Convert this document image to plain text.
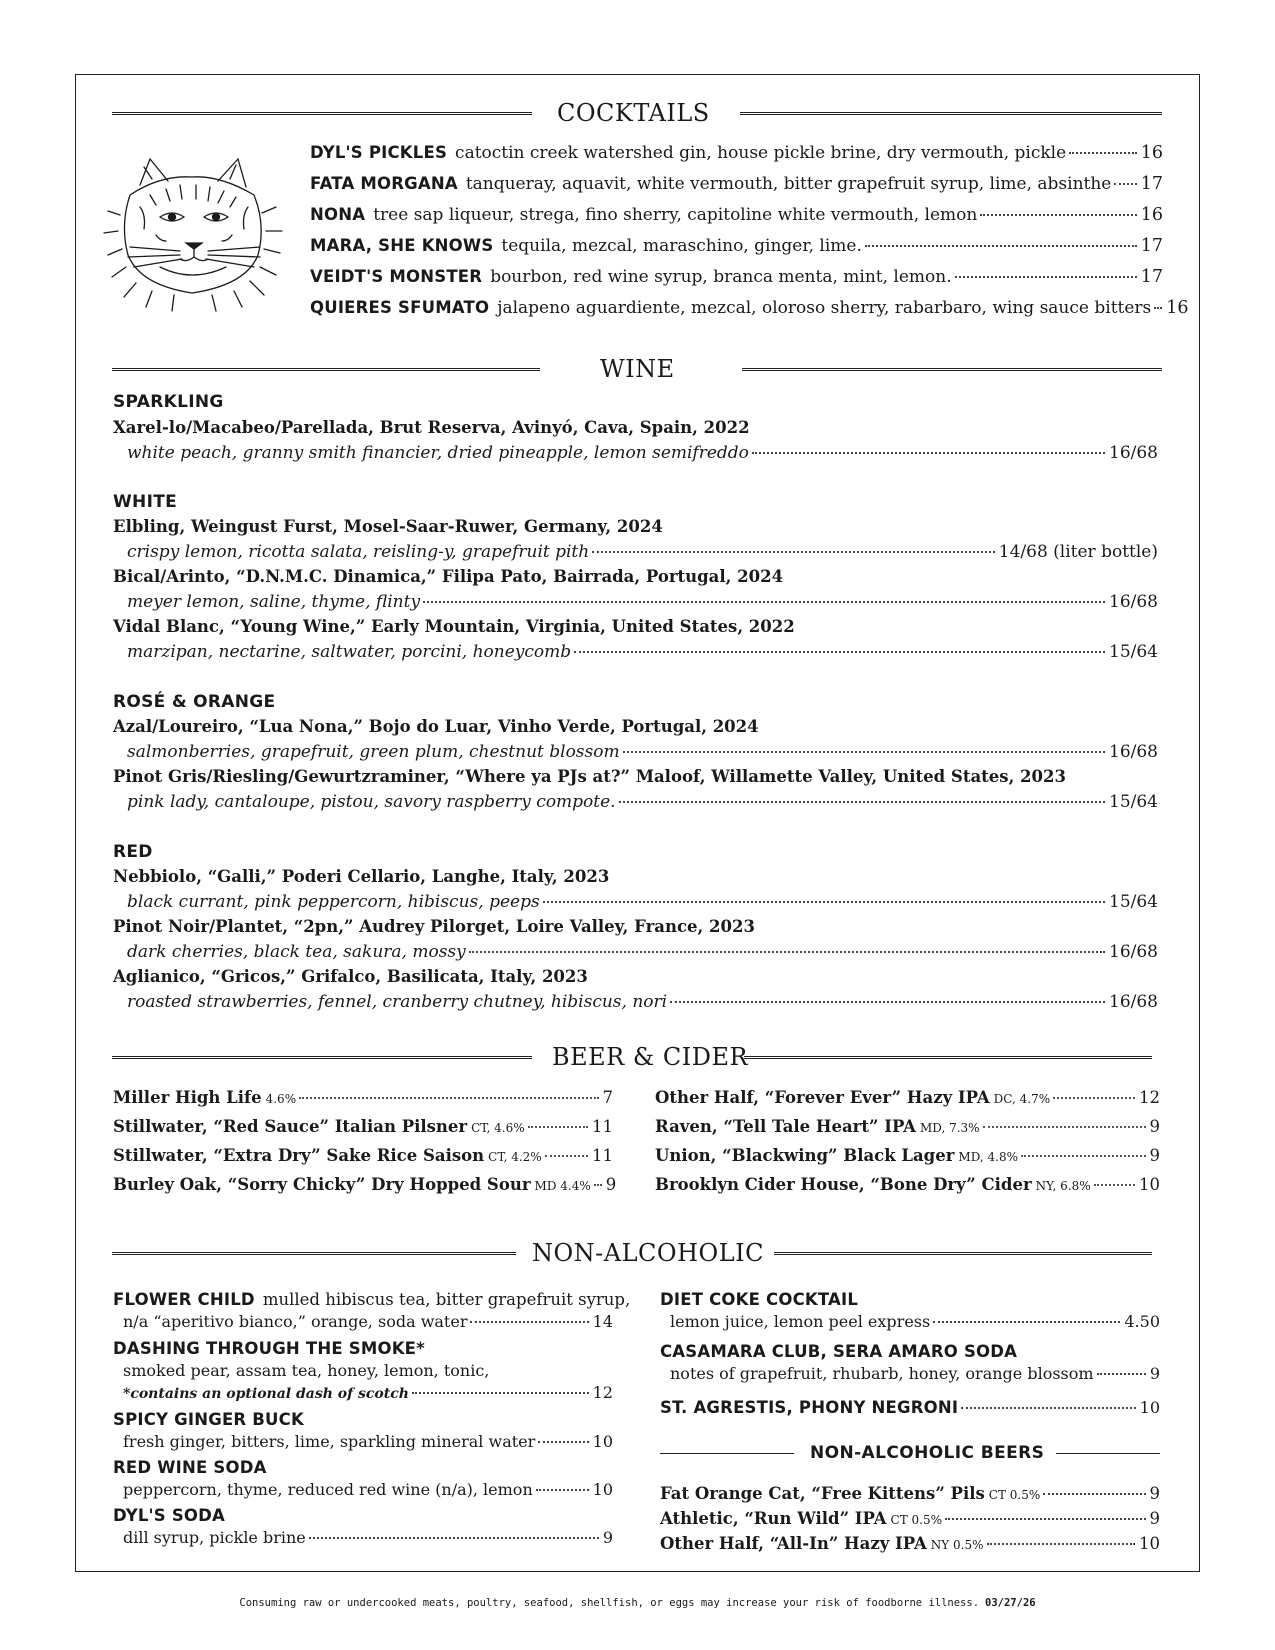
COCKTAILS
DYL'S PICKLES catoctin creek watershed gin, house pickle brine, dry vermouth, pickle	16
FATA MORGANA tanqueray, aquavit, white vermouth, bitter grapefruit syrup, lime, absinthe 17
NONA tree sap liqueur, strega, fino sherry, capitoline white vermouth, lemon	16
MARA, SHE KNOWS tequila, mezcal, maraschino, ginger, lime.	17
VEIDT'S MONSTER bourbon, red wine syrup, branca menta, mint, lemon.	17
QUIERES SFUMATO jalapeno aguardiente, mezcal, oloroso sherry, rabarbaro, wing sauce bitters 16
WINE
SPARKLING
Xarel-lo/Macabeo/Parellada, Brut Reserva, Avinyó, Cava, Spain, 2022
white peach, granny smith financier, dried pineapple, lemon semifreddo	16/68
WHITE
Elbling, Weingust Furst, Mosel-Saar-Ruwer, Germany, 2024
crispy lemon, ricotta salata, reisling-y, grapefruit pith	14/68 (liter bottle)
Bical/Arinto, “D.N.M.C. Dinamica,” Filipa Pato, Bairrada, Portugal, 2024
meyer lemon, saline, thyme, flinty	16/68
Vidal Blanc, “Young Wine,” Early Mountain, Virginia, United States, 2022
marzipan, nectarine, saltwater, porcini, honeycomb	15/64
ROSÉ & ORANGE
Azal/Loureiro, “Lua Nona,” Bojo do Luar, Vinho Verde, Portugal, 2024
salmonberries, grapefruit, green plum, chestnut blossom	16/68
Pinot Gris/Riesling/Gewurtzraminer, “Where ya PJs at?” Maloof, Willamette Valley, United States, 2023
pink lady, cantaloupe, pistou, savory raspberry compote.	15/64
RED
Nebbiolo, “Galli,” Poderi Cellario, Langhe, Italy, 2023
black currant, pink peppercorn, hibiscus, peeps	15/64
Pinot Noir/Plantet, “2pn,” Audrey Pilorget, Loire Valley, France, 2023
dark cherries, black tea, sakura, mossy	16/68
Aglianico, “Gricos,” Grifalco, Basilicata, Italy, 2023
roasted strawberries, fennel, cranberry chutney, hibiscus, nori	16/68
BEER & CIDER
Miller High Life 4.6%	7
Stillwater, “Red Sauce” Italian Pilsner CT, 4.6%	11
Stillwater, “Extra Dry” Sake Rice Saison CT, 4.2%	11
Burley Oak, “Sorry Chicky” Dry Hopped Sour MD 4.4% 9
Other Half, “Forever Ever” Hazy IPA DC, 4.7%	12
Raven, “Tell Tale Heart” IPA MD, 7.3%	9
Union, “Blackwing” Black Lager MD, 4.8%	9
Brooklyn Cider House, “Bone Dry” Cider NY, 6.8%	10
NON-ALCOHOLIC
FLOWER CHILD mulled hibiscus tea, bitter grapefruit syrup,
n/a “aperitivo bianco,” orange, soda water	14
DASHING THROUGH THE SMOKE*
smoked pear, assam tea, honey, lemon, tonic,
*contains an optional dash of scotch	12
SPICY GINGER BUCK
fresh ginger, bitters, lime, sparkling mineral water	10
RED WINE SODA
peppercorn, thyme, reduced red wine (n/a), lemon	10
DYL'S SODA
dill syrup, pickle brine	9
DIET COKE COCKTAIL
lemon juice, lemon peel express	4.50
CASAMARA CLUB, SERA AMARO SODA
notes of grapefruit, rhubarb, honey, orange blossom	9
ST. AGRESTIS, PHONY NEGRONI	10
NON-ALCOHOLIC BEERS
Fat Orange Cat, “Free Kittens” Pils CT 0.5%	9
Athletic, “Run Wild” IPA CT 0.5%	9
Other Half, “All-In” Hazy IPA NY 0.5%	10
Consuming raw or undercooked meats, poultry, seafood, shellfish, or eggs may increase your risk of foodborne illness. 03/27/26
